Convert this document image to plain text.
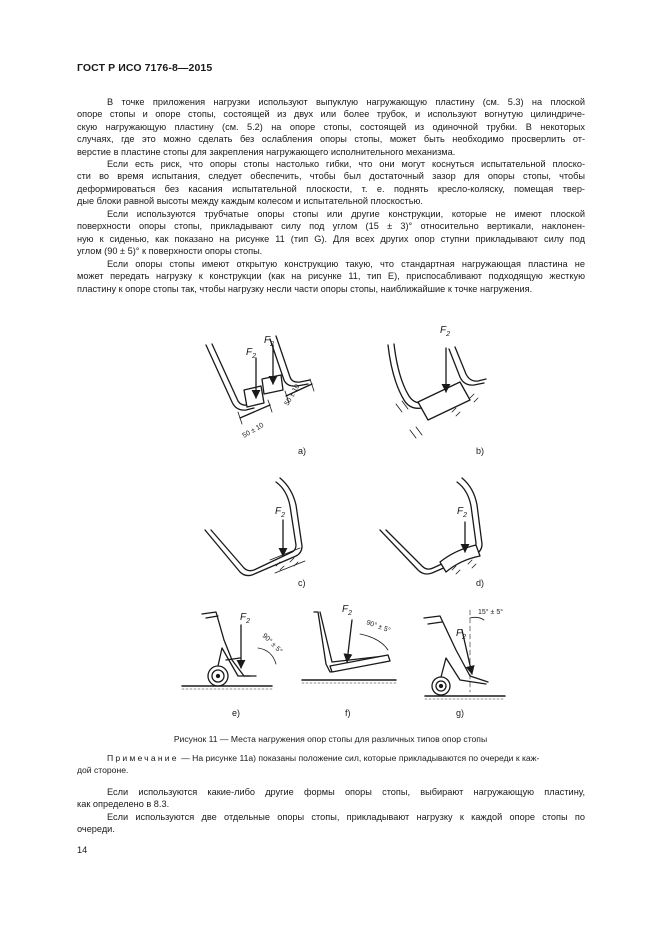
ГОСТ Р ИСО 7176-8—2015
В точке приложения нагрузки используют выпуклую нагружающую пластину (см. 5.3) на плоской
опоре стопы и опоре стопы, состоящей из двух или более трубок, и используют вогнутую цилиндриче-
скую нагружающую пластину (см. 5.2) на опоре стопы, состоящей из одиночной трубки. В некоторых
случаях, где это можно сделать без ослабления опоры стопы, может быть необходимо просверлить от-
верстие в пластине стопы для закрепления нагружающего исполнительного механизма.
Если есть риск, что опоры стопы настолько гибки, что они могут коснуться испытательной плоско-
сти во время испытания, следует обеспечить, чтобы был достаточный зазор для опоры стопы, чтобы
деформироваться без касания испытательной плоскости, т. е. поднять кресло-коляску, помещая твер-
дые блоки равной высоты между каждым колесом и испытательной плоскостью.
Если используются трубчатые опоры стопы или другие конструкции, которые не имеют плоской
поверхности опоры стопы, прикладывают силу под углом (15 ± 3)° относительно вертикали, наклонен-
ную к сиденью, как показано на рисунке 11 (тип G). Для всех других опор ступни прикладывают силу под
углом (90 ± 5)° к поверхности опоры стопы.
Если опоры стопы имеют открытую конструкцию такую, что стандартная нагружающая пластина не
может передать нагрузку к конструкции (как на рисунке 11, тип E), приспосабливают подходящую жесткую
пластину к опоре стопы так, чтобы нагрузку несли части опоры стопы, наиближайшие к точке нагружения.
$F_2$
$F_2$
50 ± 10
50 ± 10
$F_2$
$F_2$	$F_2$
$F_2$
90° ± 5°
$F_2$
90° ± 5°	$F_2$
15° ± 5°
а)	b)
c)	d)
e)	f)	g)
Рисунок 11 — Места нагружения опор стопы для различных типов опор стопы
Примечание — На рисунке 11а) показаны положение сил, которые прикладываются по очереди к каж-
дой стороне.
Если используются какие-либо другие формы опоры стопы, выбирают нагружающую пластину,
как определено в 8.3.
Если используются две отдельные опоры стопы, прикладывают нагрузку к каждой опоре стопы по
очереди.
14
